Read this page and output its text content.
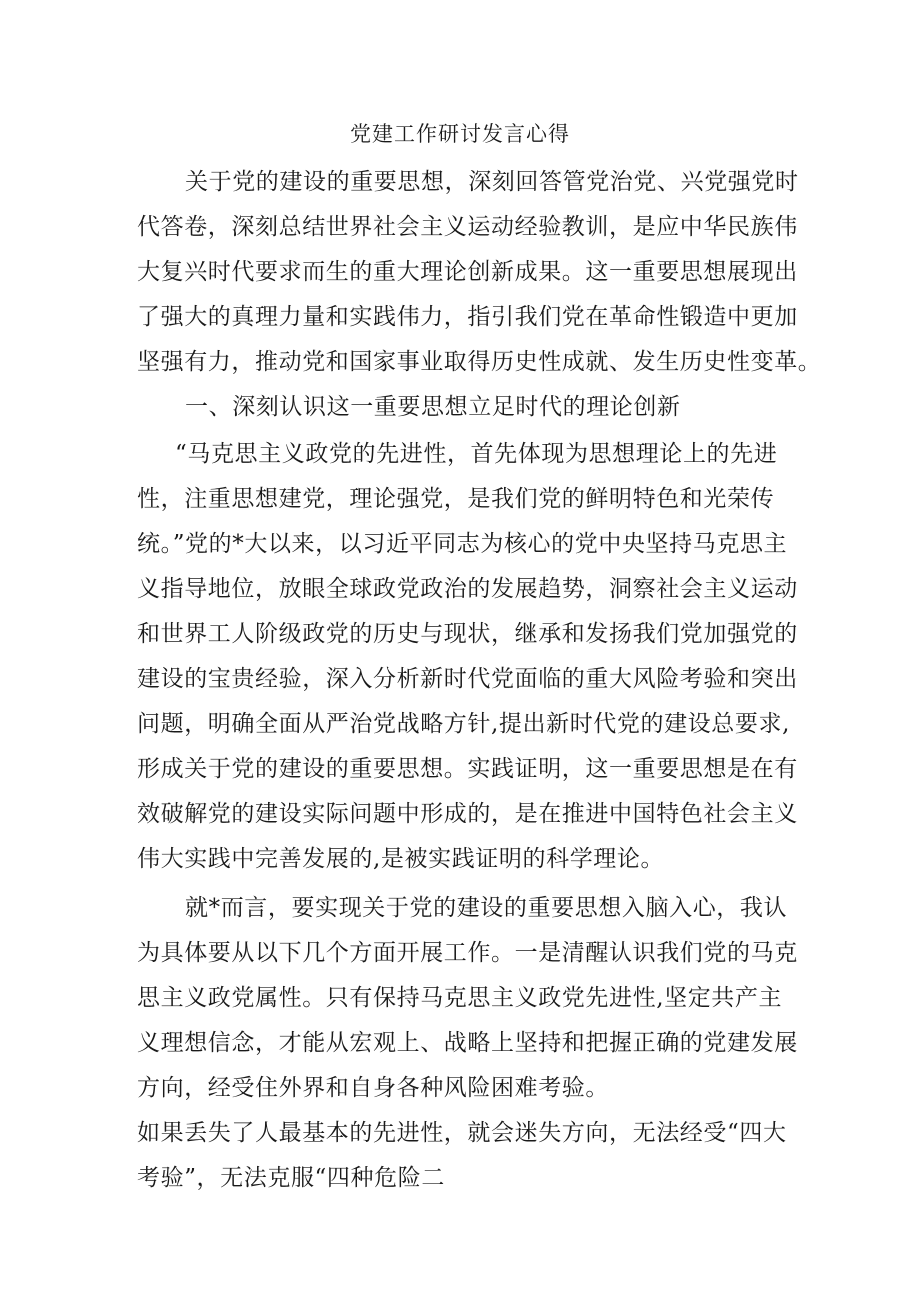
党建工作研讨发言心得
关于党的建设的重要思想，深刻回答管党治党、兴党强党时
代答卷，深刻总结世界社会主义运动经验教训，是应中华民族伟
大复兴时代要求而生的重大理论创新成果。这一重要思想展现出
了强大的真理力量和实践伟力，指引我们党在革命性锻造中更加
坚强有力，推动党和国家事业取得历史性成就、发生历史性变革。
一、深刻认识这一重要思想立足时代的理论创新
“马克思主义政党的先进性，首先体现为思想理论上的先进
性，注重思想建党，理论强党，是我们党的鲜明特色和光荣传
统。”党的*大以来，以习近平同志为核心的党中央坚持马克思主
义指导地位，放眼全球政党政治的发展趋势，洞察社会主义运动
和世界工人阶级政党的历史与现状，继承和发扬我们党加强党的
建设的宝贵经验，深入分析新时代党面临的重大风险考验和突出
问题，明确全面从严治党战略方针,提出新时代党的建设总要求,
形成关于党的建设的重要思想。实践证明，这一重要思想是在有
效破解党的建设实际问题中形成的，是在推进中国特色社会主义
伟大实践中完善发展的,是被实践证明的科学理论。
就*而言，要实现关于党的建设的重要思想入脑入心，我认
为具体要从以下几个方面开展工作。一是清醒认识我们党的马克
思主义政党属性。只有保持马克思主义政党先进性,坚定共产主
义理想信念，才能从宏观上、战略上坚持和把握正确的党建发展
方向，经受住外界和自身各种风险困难考验。
如果丢失了人最基本的先进性，就会迷失方向，无法经受“四大
考验”，无法克服“四种危险二
